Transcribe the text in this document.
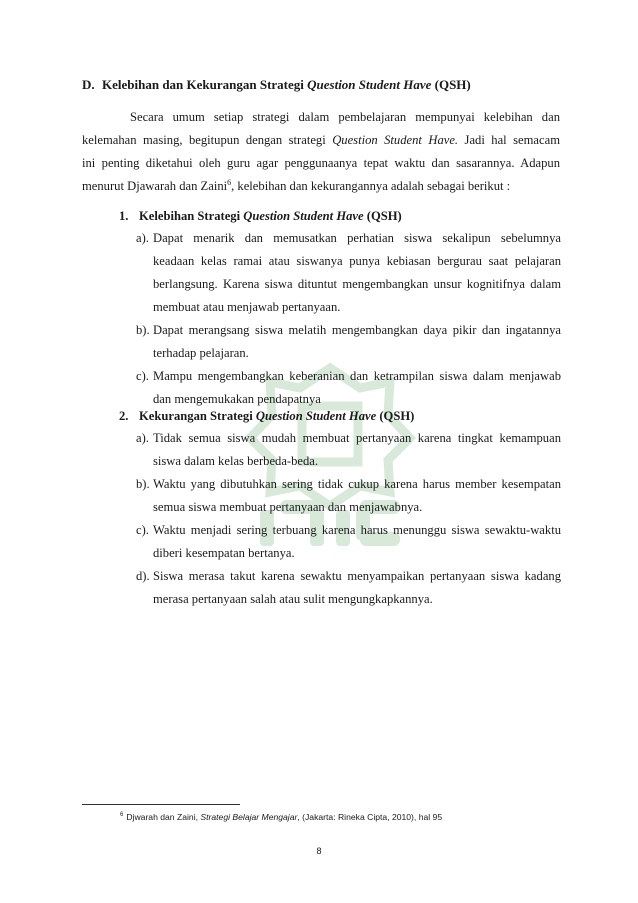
D. Kelebihan dan Kekurangan Strategi Question Student Have (QSH)
Secara umum setiap strategi dalam pembelajaran mempunyai kelebihan dan
kelemahan masing, begitupun dengan strategi Question Student Have. Jadi hal semacam
ini penting diketahui oleh guru agar penggunaanya tepat waktu dan sasarannya. Adapun
menurut Djawarah dan Zaini$^6$, kelebihan dan kekurangannya adalah sebagai berikut :
1. Kelebihan Strategi Question Student Have (QSH)
a). Dapat menarik dan memusatkan perhatian siswa sekalipun sebelumnya
keadaan kelas ramai atau siswanya punya kebiasan bergurau saat pelajaran
berlangsung. Karena siswa dituntut mengembangkan unsur kognitifnya dalam
membuat atau menjawab pertanyaan.
b). Dapat merangsang siswa melatih mengembangkan daya pikir dan ingatannya
terhadap pelajaran.
c). Mampu mengembangkan keberanian dan ketrampilan siswa dalam menjawab
dan mengemukakan pendapatnya
2. Kekurangan Strategi Question Student Have (QSH)
a). Tidak semua siswa mudah membuat pertanyaan karena tingkat kemampuan
siswa dalam kelas berbeda-beda.
b). Waktu yang dibutuhkan sering tidak cukup karena harus member kesempatan
semua siswa membuat pertanyaan dan menjawabnya.
c). Waktu menjadi sering terbuang karena harus menunggu siswa sewaktu-waktu
diberi kesempatan bertanya.
d). Siswa merasa takut karena sewaktu menyampaikan pertanyaan siswa kadang
merasa pertanyaan salah atau sulit mengungkapkannya.
$^6$ Djwarah dan Zaini, Strategi Belajar Mengajar, (Jakarta: Rineka Cipta, 2010), hal 95
8
